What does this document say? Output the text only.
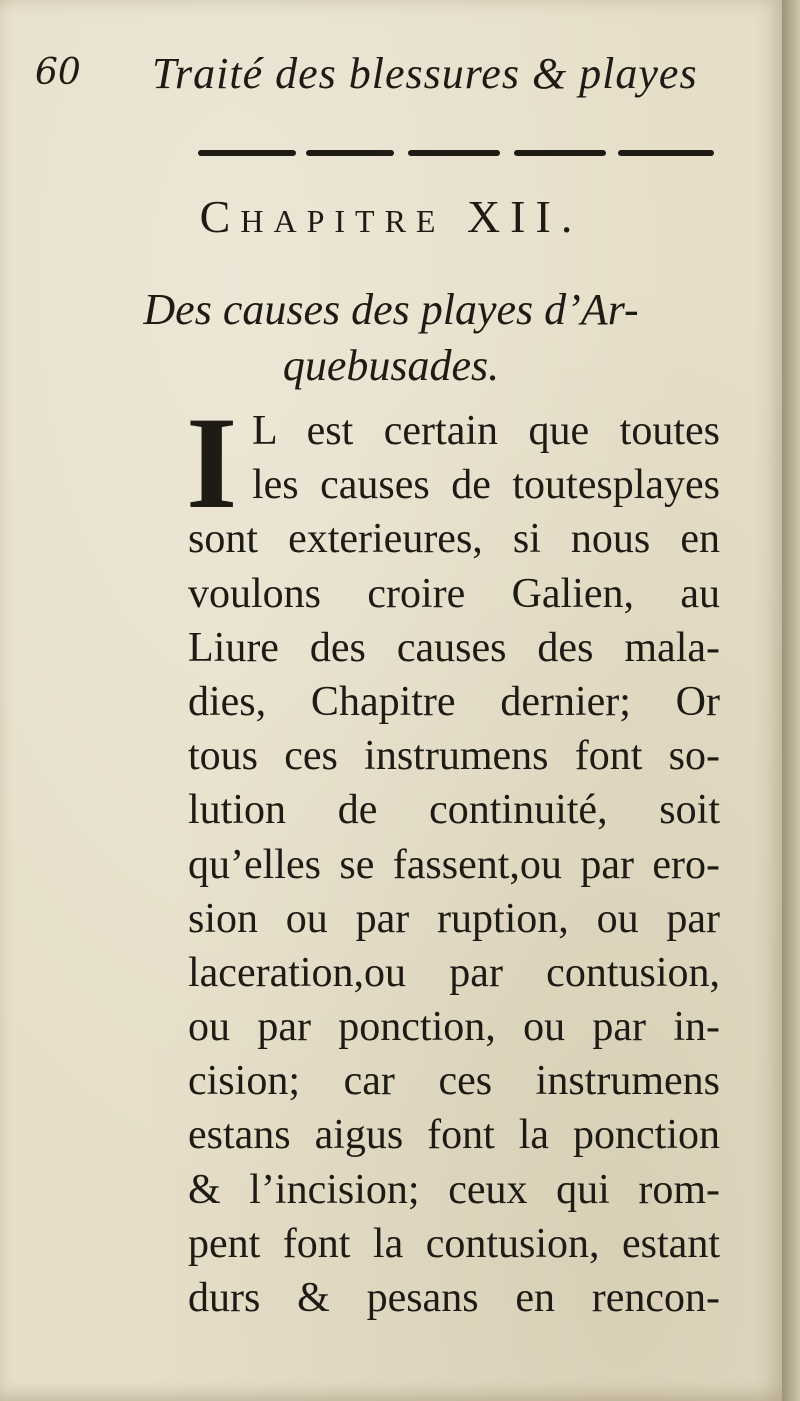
60 Traité des blessures & playes
Chapitre XII.
Des causes des playes d’Ar-
quebusades.
I L est certain que toutes
les causes de toutesplayes
sont exterieures, si nous en
voulons croire Galien, au
Liure des causes des mala-
dies, Chapitre dernier; Or
tous ces instrumens font so-
lution de continuité, soit
qu’elles se fassent,ou par ero-
sion ou par ruption, ou par
laceration,ou par contusion,
ou par ponction, ou par in-
cision; car ces instrumens
estans aigus font la ponction
& l’incision; ceux qui rom-
pent font la contusion, estant
durs & pesans en rencon-
